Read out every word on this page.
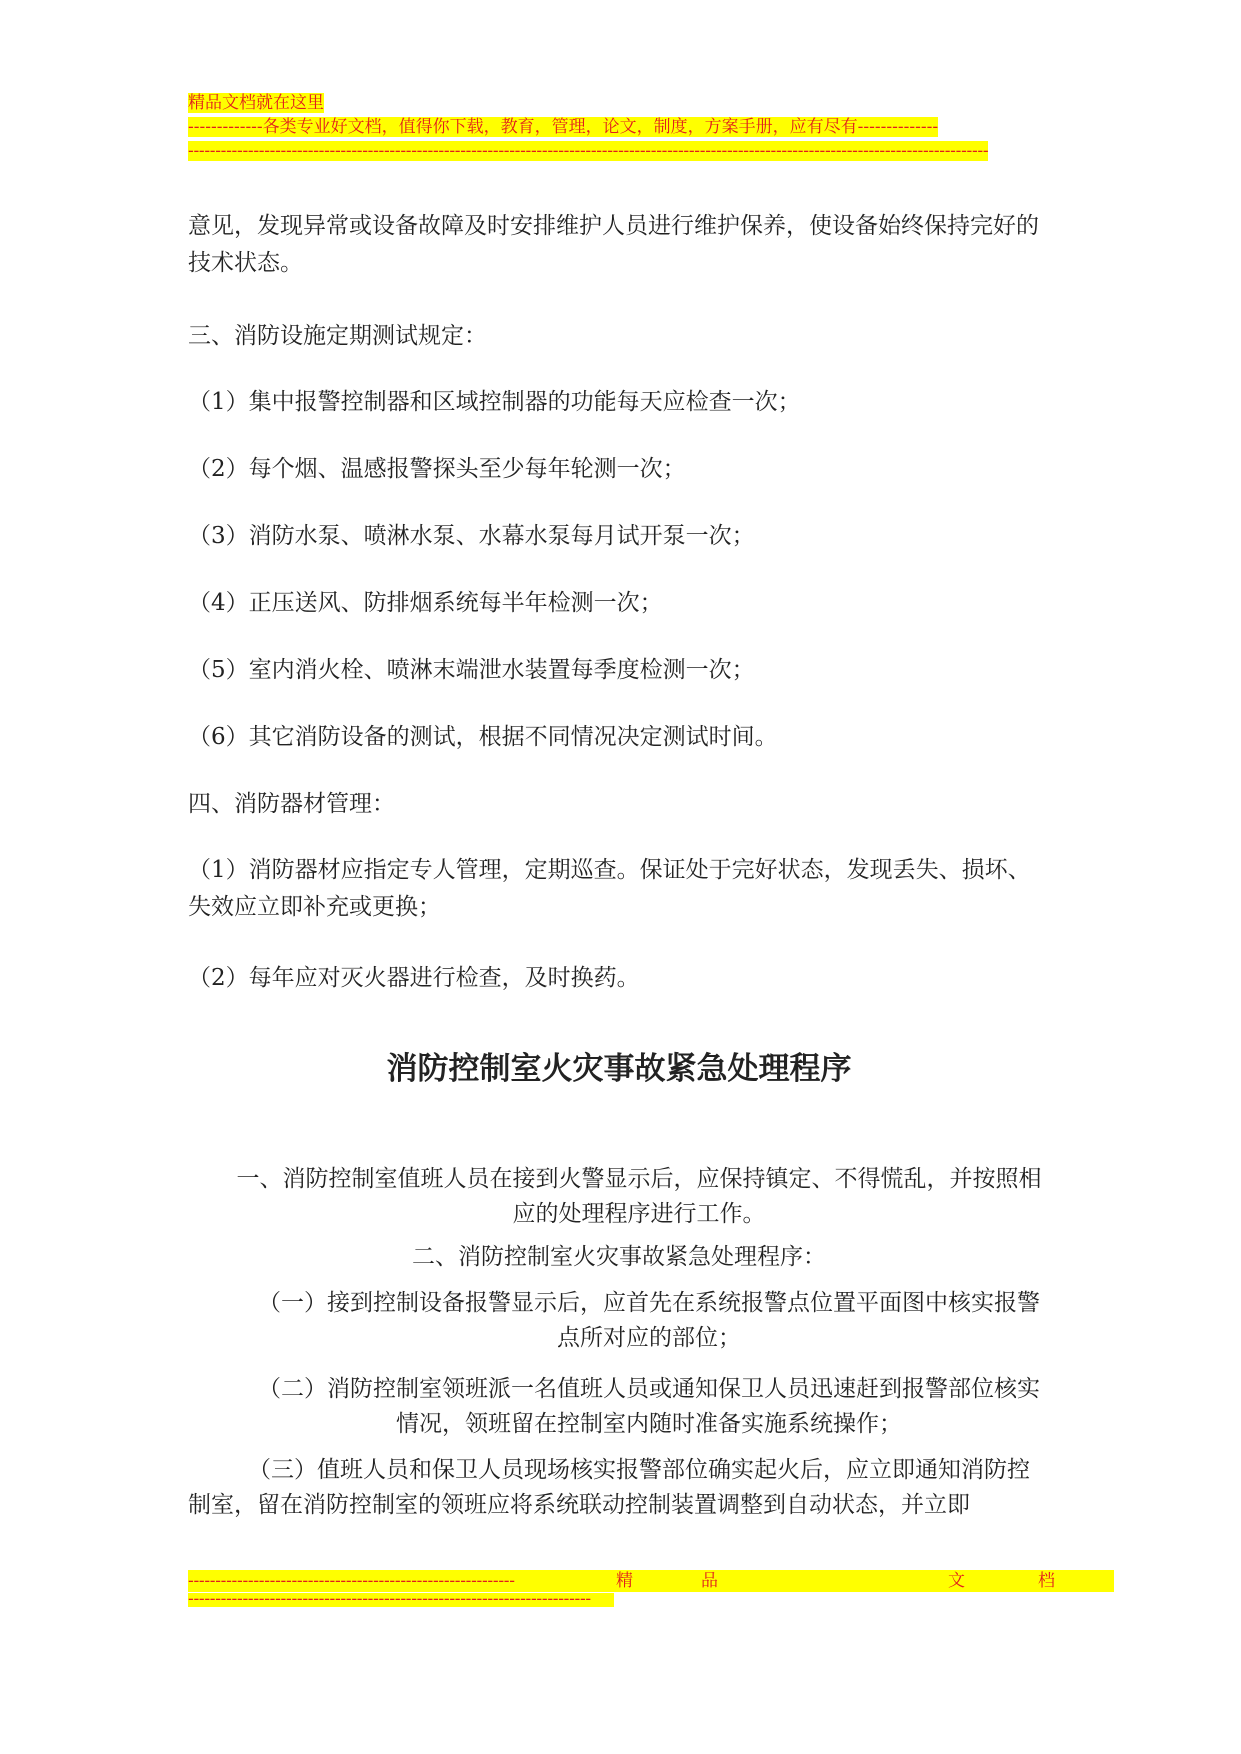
精品文档就在这里
-------------各类专业好文档，值得你下载，教育，管理，论文，制度，方案手册，应有尽有--------------
---------------------------------------------------------------------------------------------------------------------------------------------------
意见，发现异常或设备故障及时安排维护人员进行维护保养，使设备始终保持完好的技术状态。
三、消防设施定期测试规定：
（1）集中报警控制器和区域控制器的功能每天应检查一次；
（2）每个烟、温感报警探头至少每年轮测一次；
（3）消防水泵、喷淋水泵、水幕水泵每月试开泵一次；
（4）正压送风、防排烟系统每半年检测一次；
（5）室内消火栓、喷淋末端泄水装置每季度检测一次；
（6）其它消防设备的测试，根据不同情况决定测试时间。
四、消防器材管理：
（1）消防器材应指定专人管理，定期巡查。保证处于完好状态，发现丢失、损坏、失效应立即补充或更换；
（2）每年应对灭火器进行检查，及时换药。
消防控制室火灾事故紧急处理程序
一、消防控制室值班人员在接到火警显示后，应保持镇定、不得慌乱，并按照相应的处理程序进行工作。
二、消防控制室火灾事故紧急处理程序：
（一）接到控制设备报警显示后，应首先在系统报警点位置平面图中核实报警点所对应的部位；
（二）消防控制室领班派一名值班人员或通知保卫人员迅速赶到报警部位核实情况，领班留在控制室内随时准备实施系统操作；
（三）值班人员和保卫人员现场核实报警部位确实起火后，应立即通知消防控制室，留在消防控制室的领班应将系统联动控制装置调整到自动状态，并立即
------------------------------------------------------------	精	品	文	档
--------------------------------------------------------------------------
